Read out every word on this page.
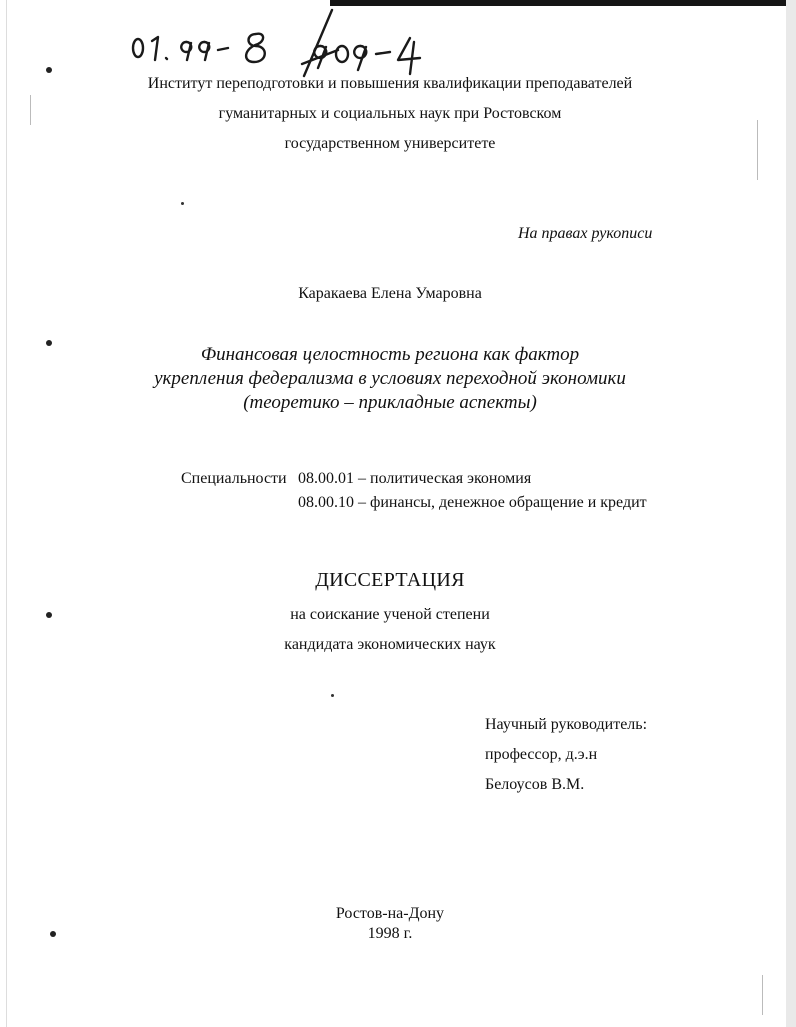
Институт переподготовки и повышения квалификации преподавателей
гуманитарных и социальных наук при Ростовском
государственном университете
На правах рукописи
Каракаева Елена Умаровна
Финансовая целостность региона как фактор
укрепления федерализма в условиях переходной экономики
(теоретико – прикладные аспекты)
Специальности 08.00.01 – политическая экономия
08.00.10 – финансы, денежное обращение и кредит
ДИССЕРТАЦИЯ
на соискание ученой степени
кандидата экономических наук
Научный руководитель:
профессор, д.э.н
Белоусов В.М.
Ростов-на-Дону
1998 г.
